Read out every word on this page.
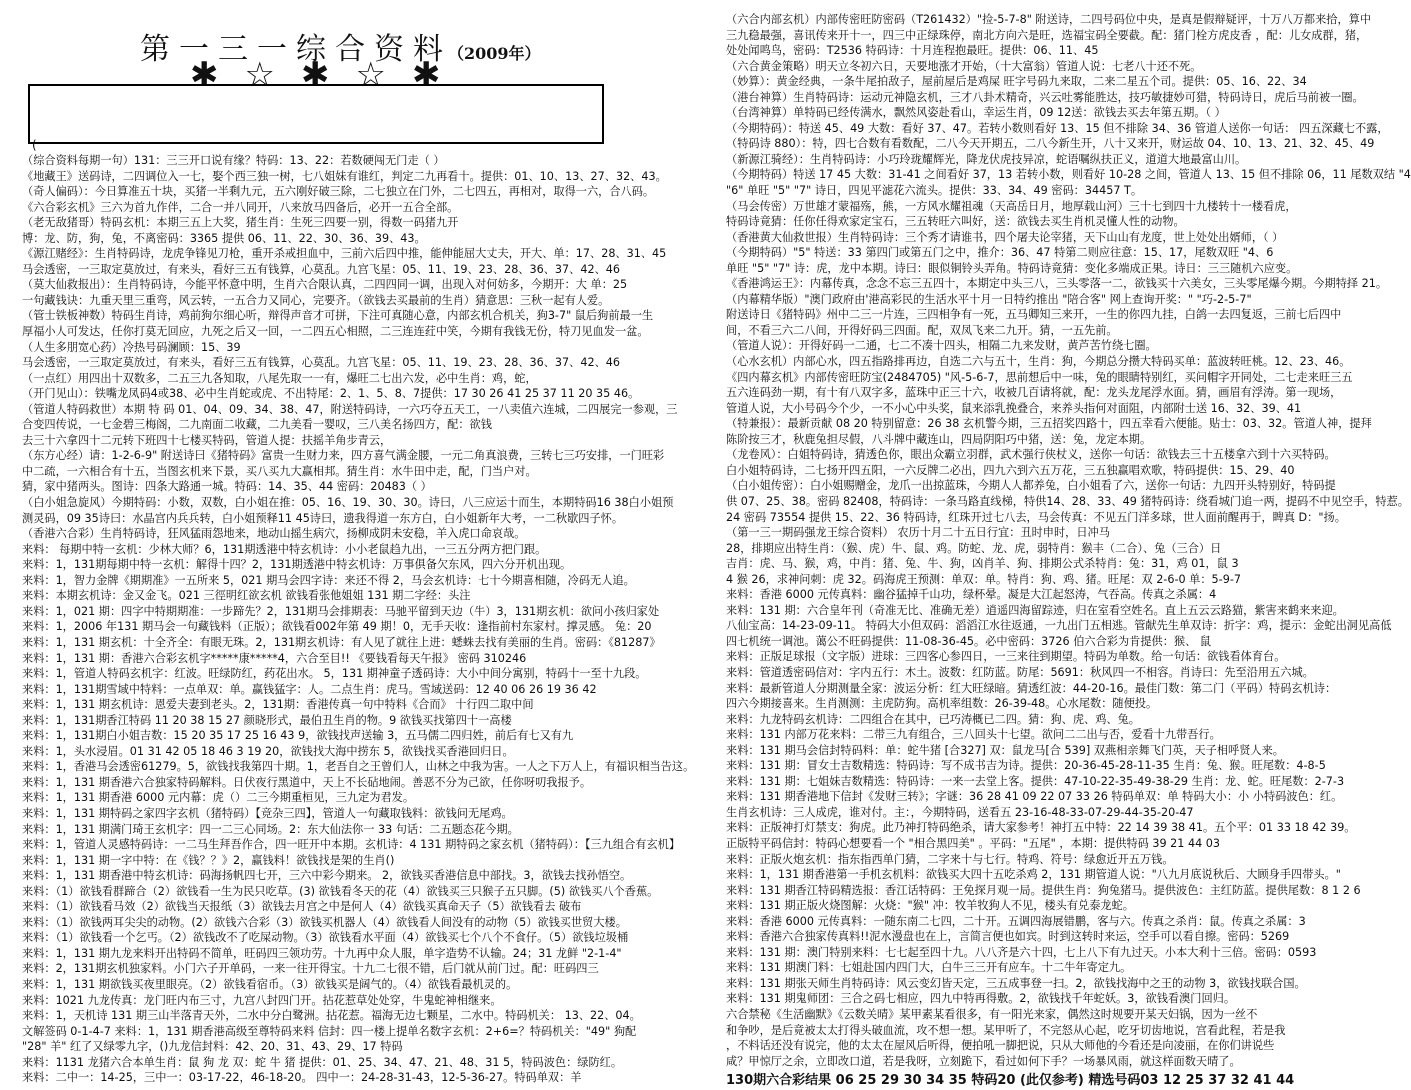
第一三一综合资料（2009年）
✱☆✱☆✱
(
（综合资料每期一句）131：三三开口说有缘？特码：13、22：若数硬闯无门走（ ）
《地藏王》送码诗，二四调位入一七，娶个西三独一树，七八姐妹有谁红，判定二九再看十。提供：01、10、13、27、32、43。
（奇人偏码）：今日算准五十块，买猪一半剩九元，五六刚好破三除，二七独立在门外，二七四五，再相对，取得一六，合八码。
《六合彩玄机》三六为首九作伴，二合一并八同开，八来放马四备后，必开一五合全部。
（老无敌猪哥）特码玄机：本期三五上大奖，猪生肖：生死三四要一别，得数一码猪九开
博：龙、防，狗，兔，不离密码：3365 提供 06、11、22、30、36、39、43。
《源江赌经》：生肖特码诗，龙虎争锋见刀枪，重开杀戒担血中，三前六后四中推，能伸能屈大丈夫，开大、单：17、28、31、45
马会透密，一三取定莫放过，有来头，看好三五有钱算，心莫乱。九宫飞星：05、11、19、23、28、36、37、42、46
（莫大仙救报出）：生肖特码诗，今能平怀意中明，生肖六合限认真，二四四同一调，出现入对何妨多，今期开：大 单：25
一句藏钱诀：九重天里三重弯，风云转，一五合力又同心，完要齐。（欲钱去买最前的生肖）猜意思：三秋一起有人爱。
（管士铁板神数）特码生肖诗，鸡前狗尔细心听，辩得声音才可拼，下注可真随心意，内部玄机合机关，狗3-7" 鼠后狗前最一生
厚福小人可发达，任你打莫无回应，九死之后又一回，一二四五心相照，二三连连荭中笑，今期有我钱无份，特刀见血发一盆。
（人生多朋宽心药）冷热号码澜顾：15、39
马会透密，一三取定莫放过，有来头，看好三五有钱算，心莫乱。九宫飞星：05、11、19、23、28、36、37、42、46
（一点红）用四出十双数多，二五三九各知取，八尾先取一一有，爆旺二七出六发，必中生肖：鸡，蛇，
（开门见山）：铁嘴龙凤码4或38、必中生肖蛇或虎、不出特尾：2、1、5、8、7提供：17 30 26 41 25 37 11 20 35 46。
（管道人特码救世）本期 特 码 01、04、09、34、38、47，附送特码诗，一六巧夺五天工，一八卖值六连城，二四展完一参观，三
合变四传说，一七金碧三梅阁，二九南面二收藏，二九美看一婴叹，三八美名扬四方，配：欲钱
去三十六拿四十二元转下班四十七楼买特码，管道人提：扶摇羊角步青云，
（东方心经）请：1-2-6-9" 附送诗曰《猪特码》富贵一生财力来，四方喜气满金腰，一元二角真浪费，三转七三巧安排，一门旺彩
中二疏，一六相合有十五，当图玄机来下景，买八买九大赢相邦。猜生肖：水牛田中走，配，门当户对。
猜，家中猪两头。图诗：四条大路通一城。特码：14、35、44 密码：20483（ ）
（白小姐急旋风）今期特码：小数，双数，白小姐在推：05、16、19、30、30。诗曰，八三应运十而生，本期特码16 38白小姐预
测灵码，09 35诗曰：水晶宫内兵兵转，白小姐预释11 45诗曰，遗我得道一东方白，白小姐新年大考，一二秋歇四子怀。
（香港六合彩）生肖特码诗，狂风猛雨怨地来，地动山摇生病穴，扬柳成阴未安稳，羊入虎口命哀哉。
来料： 每期中特一玄机：少林大师？6，131期透港中特玄机诗：小小老鼠趋九出，一三五分两方把门跟。
来料：1，131期每期中特一玄机：解得十四？2，131期透港中特玄机诗：万事俱备欠东风，四六分开机出现。
来料：1，智力金牌《期期准》一五所来 5，021 期马会四字诗：来还不得 2，马会玄机诗：七十今期喜相随，冷码无人追。
来料：本期玄机诗：金又金飞。021 三徑明红欲玄机 欲钱看张他姐姐 131 期二字经：头注
来料：1，021 期：四字中特期期准：一步蹄先？2，131期马会排期表：马驰平留到天边（牛）3，131期玄机：欲问小孩归家处
来料：1，2006 年131 期马会一句藏钱料（正版）；欲钱看002年第 49 期！0，无手天收：逢指前村东家村。撑灵感。 兔：20
来料：1，131 期玄机：十全齐全：有眼无珠。2，131期玄机诗：有人见了就往上进：蟋蛛去找有美丽的生肖。密码：《81287》
来料：1，131 期：香港六合彩玄机字*****康*****4，六合至目!! 《要钱看每天午报》 密码 310246
来料：1，管道人特码玄机字：红波。旺绿防红，药花出水。 5，131 期神童子透码诗：大小中间分寓别，特码十一至十九段。
来料：1，131期雪域中特料：一点单双：单。赢钱猛字：人。二点生肖：虎马。雪域送码：12 40 06 26 19 36 42
来料：1，131 期玄机诗：恩爱夫妻到老头。2，131期：香港传真一句中特料《合而》 十行四二取中间
来料：1，131期香江特码 11 20 38 15 27 颜晓形式，最伯丑生肖的物。9 欲钱买找第四十一高楼
来料：1，131期白小姐吉数：15 20 35 17 25 16 43 9，欲钱找声送输 3，五马儒二四归姓，前后有七又有九
来料：1，头水浸眉。01 31 42 05 18 46 3 19 20，欲钱找大海中捞东 5，欲钱找买香港回归日。
来料：1，香港马会透密61279。5，欲钱找我第四十期。1，老吾自之王曾们人，山林之中我为害。一人之下万人上，有福识相当告这。
来料：1，131 期香港六合独家特码解料。日伏夜行黑道中，天上不长砧地闹。善恶不分为己欲，任你呀叨我报予。
来料：1，131 期香港 6000 元内幕：虎（）二三今期重桓见，三九定为君发。
来料：1，131 期特码之家四字玄机（猪特码）【竞杂三四】，管道人一句藏取钱料：欲钱问无尾鸡。
来料：1，131 期满门琦王玄机字：四一二三心同场。2：东大仙法你一 33 句话：二五题态花今期。
来料：1，管道人灵感特码诗：一二马生拜吾作合，四一旺开中本期。玄机诗：4 131 期特码之家玄机（猪特码）：【三九组合有玄机】
来料：1，131 期一字中特：在《钱？？》2，赢钱料！欲钱找是架的生肖()
来料：1，131 期香港中特玄机诗：码海扬帆四七开，三六中彩今期来。 2，欲钱买香港信息中部找。3，欲钱去找孙悟空。
来料：（1）欲钱看群蹄合（2）欲钱看一生为民只吃草。(3) 欲钱看冬天的花（4）欲钱买三只猴子五只脚。(5) 欲钱买八个香蕉。
来料：（1）欲钱看马效（2）欲钱当天报纸（3）欲钱去月宫之中是何人（4）欲钱买真命天子（5）欲钱看去 破布
来料：（1）欲钱两耳尖尖的动物。(2）欲钱六合彩（3）欲钱买机器人（4）欲钱看人间没有的动物（5）欲钱买世贸大楼。
来料：（1）欲钱看一个乞丐。（2）欲钱改不了吃屎动物。（3）欲钱看水平面（4）欲钱买七个八个不食仔。（5）欲钱垃圾桶
来料：1，131 期九龙来料开出特码不简单，旺码四三领功劳。十九再中众人服，单字造势不认输。24；31 龙鲜 "2-1-4"
来料：2，131期玄机独家料。小门六子开单码，一来一往开得宝。十九二七很不错，后门就从前门过。配：旺码四三
来料：1，131 期欲钱买夜里眼亮。（2）欲钱看宿币。（3）欲钱买是阔气的。（4）欲钱看最机灵的。
来料：1021 九龙传真：龙门旺内布三寸，九宫八封四门开。拈花惹草处处穿，牛鬼蛇神相继来。
来料：1，天机诗 131 期三山半落青天外，二水中分白鹭洲。拈花惹。福海无边七颗星，二水中。特码机关： 13、22、04。
文解签码 0-1-4-7 来料：1，131 期香港高级至尊特码来料 信封：四一楼上提单名数字玄机：2+6=？特码机关："49" 狗配
"28" 羊" 红了又绿零九字，()九龙信封料：42、20、31、43、29、17 特码
来料：1131 龙猪六合本单生肖：鼠 狗 龙 双：蛇 牛 猪 提供：01、25、34、47、21、48、31 5，特码波色：绿防红。
来料：二中一：14-25，三中一：03-17-22，46-18-20。 四中一：24-28-31-43，12-5-36-27。特码单双：羊
（六合内部玄机）内部传密旺防密码（T261432）"捡-5-7-8" 附送诗，二四号码位中央，是真是假辩疑评，十万八万都来拾，算中
三九稳最强，喜讯传来开十一，四三中正绿珠停，南北方向六是旺，选福宝码全要截。配：猪门栓方虎皮香 ，配：儿女成群，猪，
处处闻鸣鸟，密码：T2536 特码诗：十月连程抱最旺。提供：06、11、45
（六合黄金策略）明天立冬初六日，天要地涨才开始，（十大富翁）管道人说：七老八十还不死。
（妙算）：黄金经典，一条牛尾拍敌子，屋前屋后是鸡屎 旺字号码九来取，二来二星五个司。提供：05、16、22、34
（港台神算）生肖特码诗：运动元神隐玄机，三才八卦术精奇，兴云吐雾能胜达，技巧敏捷妙可猎，特码诗日，虎后马前被一圈。
（台湾神算）单特码已经传满水，飘然风姿赴看山，幸运生肖，09 12送：欲钱去买去年第五期。（ ）
（今期特码）：特送 45、49 大数：看好 37、47。若转小数则看好 13、15 但不排除 34、36 管道人送你一句话： 四五深藏七不露，
（特码诗 880）：特，四七合数有看数配，二八今天开期五，二八今新生开，八十又来开，财运故 04、10、13、21、32、45、49
（新源江骑经）：生肖特码诗：小巧玲珑耀辉光，降龙伏虎技异凉，蛇语嘱纵扶正义，道道大地最富山川。
（今期特码）特送 17 45 大数：31-41 之间看好 37，13 若转小数，则看好 10-28 之间，管道人 13、15 但不排除 06，11 尾数双结 "4
"6" 单旺 "5" "7" 诗日，四见平滤花六流头。提供：33、34、49 密码：34457 T。
（马会传密）万世雄才蒙福殇，熊，一方风水耀祖魂（天高岳日月，地厚载山河）三十七到四十九楼转十一楼看虎，
特码诗竟猜：任你任得欢家定宝石，三五转旺六叫好，送：欲钱去买生肖机灵懂人性的动物。
（香港黄大仙救世报）生肖特码诗：三个秀才请谁书，四个屠夫论宰猪，天下山山有龙度，世上处处出婿师，（ ）
（今期特码）"5" 特送：33 第四门或第五门之中，推介：36、47 特第二则应往意：15、17，尾数双旺 "4、6
单旺 "5" "7" 诗：虎，龙中本期。诗曰：眼似铜铃头弄角。特码诗竟猜：变化多端成正果。诗日：三三随机六应变。
《香港鸿运王》：内幕传真，念念不忘三五四十，本期定中头三八，三头零落一二，欲钱买十六美女，三头零尾爆今期。今期特择 21。
（内幕精华版）"澳门政府由'港高彩民的生活水平十月一日特约推出 "陪合客" 网上查询开奖：" "巧-2-5-7"
附送诗日《猪特码》州中二三一片连，三四相争有一死，五马卿知三来开，一生的你四九挂，白鸽一去四复返，三前七后四中
间，不看三六二八间，开得好码三四面。配，双凤飞来二九开。猜，一五先前。
（管道人说）：开得好码一二通，七二不凑十四头，相隔二九来发财，黄芦苦竹绕七圈。
（心水玄机）内部心水，四五指路排再边，自选二六与五十，生肖：狗，今期总分攒大特码买单：蓝波转旺桃。12、23、46。
《四内幕玄机》内部传密旺防宝(2484705) "风-5-6-7，思前想后中一味，兔的眼睛特别红，买问帽字开同处，二七走来旺三五
五六连码劲一期，有十有八双字多，蓝珠中正三十六，收被几百请将就，配：龙头龙尾浮水面。猜，画眉有浮涛。第一现场，
管道人说，大小号码今个少，一不小心中头奖，鼠来添乳挽叠合，来养头指何对面阻，内部附士送 16、32、39、41
（特兼报）：最新贡献 08 20 特别留意：26 38 玄机警今期，三五招奖四路十，四五幸看六便能。贴士：03、32。管道人神，提拜
陈阶按三才，秋鹿兔担尽假，八斗牌中藏连山，四局阴阳巧中猪，送：兔，龙定本期。
（龙卷风）：白姐特码诗，猜透色你，眼出众霸立羽群，武术强行侠杖义，送你一句话：欲钱去三十五楼拿六到十六买特码。
白小姐特码诗，二七扬开四五阳，一六反牌二必出，四九六到六五万花，三五独赢唱欢歌，特码提供：15、29、40
（白小姐传密）：白小姐赐赠金，龙爪一出掠蓝珠，今期人人都养兔，白小姐看了六，送你一句话：九四开头特别好，特码提
供 07、25、38。密码 82408，特码诗：一条马路直线梯，特供14、28、33、49 猪特码诗：绕看城门追一两，提码不中见空手，特惹。
24 密码 73554 提供 15、22、36 特码诗，红珠开过七八去，马会传真：不见五门洋多球，世人面前醒再于，睥真 D："扬。
（第一三一期码强龙王综合资料） 农历十月二十五日行宜：丑时申时，日冲马
28，排期应出特生肖：（猴、虎）牛、鼠、鸡。防蛇、龙、虎，弱特肖：猴丰（二合）、兔（三合）日
吉肖：虎、马、猴，鸡，中肖：猪、兔、牛、狗，凶肖羊、狗、排期公式杀特肖：兔：31，鸡 01，鼠 3
4 猴 26，求神问刺：虎 32。码海虎王预测：单双：单。特肖：狗、鸡、猪。旺尾：双 2-6-0 单：5-9-7
来料：香港 6000 元传真料：幽谷猛掉千山功，绿杯晕。凝是大江起怒涛，气吞高。传真之杀属：4
来料：131 期：六合皇年刊（奇准无比、准确无差）逍遥四海留踪迹，归在室看空姓名。直上五云云路猫，紫害来鹤来来迎。
八仙宝高：14-23-09-11。 特码大小但双码：滔滔江水往返通，一九出门五相逃。管献先生单双诗：折字：鸡，提示：金蛇出洞见高低
四七机统一调池。蔼公不旺码提供：11-08-36-45。必中密码：3726 伯六合彩为肯提供：猴、 鼠
来料：正版足球报（文字版）进球：三四客心参四日，一三来往到期望。特码为单数。给一句话：欲钱看体育台。
来料：管道透密码信对：字内五行：木土。波数：红防蓝。防尾：5691：秋风四一不相容。肖诗曰：先至沿用五六城。
来料：最新管道人分期测量全家：波运分析：红大旺绿暗。猜透红波：44-20-16。最佳门数：第二门（平码）特码玄机诗：
四六今期接喜来。生肖测测：主虎防狗。高机率组数：26-39-48。心水尾数：随便投。
来料：九龙特码玄机诗：二四组合在其中，已巧涛概已二四。猜：狗、虎、鸡、兔。
来料：131 内部万花来料：二带三九有组合，三八回头十七望。欲问二二出与否，爱看十九带吾行。
来料：131 期马会信封特码料：单：蛇牛猪 [合327] 双：鼠龙马[合 539] 双燕相亲舞飞门英，天子相呼贤人来。
来料：131 期：冒女士吉数精选：特码诗：写不成书吉为诗。提供：20-36-45-28-11-35 生肖：兔、猴。旺尾数：4-8-5
来料：131 期：七姐妹吉数精选：特码诗：一来一去堂上客。提供：47-10-22-35-49-38-29 生肖：龙、蛇。旺尾数：2-7-3
来料：131 期香港地下信封《发财三转》；字谜：36 28 41 09 22 07 33 26 特码单双：单 特码大小：小 小特码波色：红。
生肖玄机诗：三人成虎，谁对付。主：，今期特码，送看五 23-16-48-33-07-29-44-35-20-47
来料：正版神打灯禁支：狗虎。此乃神打特码绝杀，请大家参考！神打五中特：22 14 39 38 41。五个平：01 33 18 42 39。
正版特平码信封：特码心想要看一个 "相合黑四美" 。平码："五尾" ，本期：提供特码 39 21 44 03
来料：正版火炮玄机：指东指西单门猜，二字来十与七行。特鸡、符号：绿愈近开五万钱。
来料：1，131 期香港第一手机玄机料：欲钱买大四十五吃杀鸡 2，131 期管道人说："八九月底说秋后、大顾身手四带头。"
来料：131 期香江特码精选报：香江话特码：王免探月观一局。提供生肖：狗兔猪马。提供波色：主红防蓝。提供尾数：8 1 2 6
来料：131 期正版火烧图解：火烧："猴" 冲：牧羊牧狗人不见，楼头有兑泰龙蛇。
来料：香港 6000 元传真料：一随东南二七四，二十开。五调四海展错鹏，客与六。传真之杀肖：鼠。传真之杀属：3
来料：香港六合独家传真料!!泥水漫盘也在上，言简言便也如宾。时到这转时来运，空手可以看自擦。密码：5269
来料：131 期：澳门特别来料：七七起至四十九。八八齐是六十四，七上八下有九过天。小本大利十三倍。密码：0593
来料：131 期澳门料：七姐赴国内四门大，白牛三三开有应车。十二牛年寄定九。
来料：131 期张天师生肖特码诗：风云变幻皆天定，三五成事登一扫。2，欲钱找海中之王的动物 3，欲钱找联合国。
来料：131 期鬼师团：三合之码七相应，四九中特再得敷。2，欲钱找千年蛇妖。3，欲钱看澳门回归。
六合禁秘《生活幽默》《云数关晴》某甲素某看很多，有一阳光来家，偶然这时规要开某天妇锅，因为一丝不
和争吵，是后竟被太太打得头破血流，攻不想一想。某甲听了，不完怒从心起，吃牙切齿地说，宫看此程，若是我
，不料话还没有说完，他的太太在屋风后听得，便拍吼一脚把说，只从大师他的今看还是向凌丽，在你们讲说些
咸？甲惊厅之余，立即改口道，若是我呀，立刻跪下，看过如何下手？一场暴风雨，就这样面数天晴了。
130期六合彩结果 06 25 29 30 34 35 特码20 (此仅参考) 精选号码03 12 25 37 32 41 44
